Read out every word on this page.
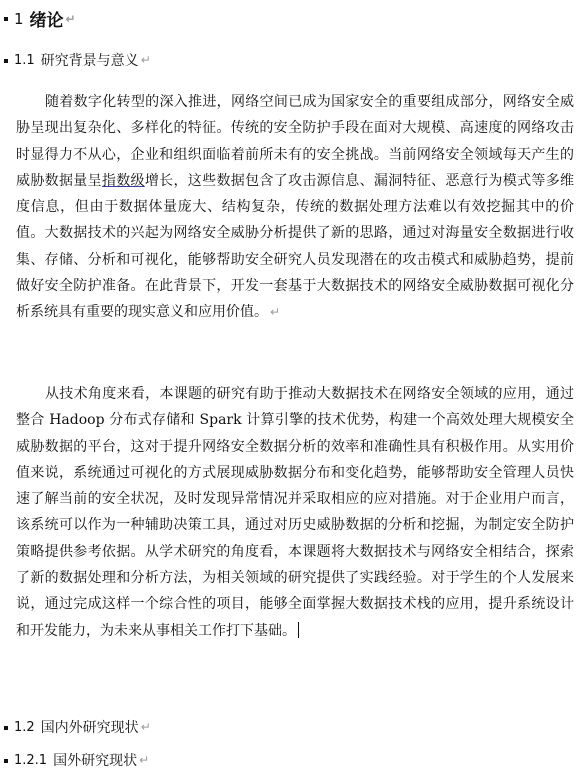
1 绪论 ↵
1.1 研究背景与意义 ↵

随着数字化转型的深入推进，网络空间已成为国家安全的重要组成部分，网络安全威胁呈现出复杂化、多样化的特征。传统的安全防护手段在面对大规模、高速度的网络攻击时显得力不从心，企业和组织面临着前所未有的安全挑战。当前网络安全领域每天产生的威胁数据量呈指数级增长，这些数据包含了攻击源信息、漏洞特征、恶意行为模式等多维度信息，但由于数据体量庞大、结构复杂，传统的数据处理方法难以有效挖掘其中的价值。大数据技术的兴起为网络安全威胁分析提供了新的思路，通过对海量安全数据进行收集、存储、分析和可视化，能够帮助安全研究人员发现潜在的攻击模式和威胁趋势，提前做好安全防护准备。在此背景下，开发一套基于大数据技术的网络安全威胁数据可视化分析系统具有重要的现实意义和应用价值。 ↵

从技术角度来看，本课题的研究有助于推动大数据技术在网络安全领域的应用，通过整合 Hadoop 分布式存储和 Spark 计算引擎的技术优势，构建一个高效处理大规模安全威胁数据的平台，这对于提升网络安全数据分析的效率和准确性具有积极作用。从实用价值来说，系统通过可视化的方式展现威胁数据分布和变化趋势，能够帮助安全管理人员快速了解当前的安全状况，及时发现异常情况并采取相应的应对措施。对于企业用户而言，该系统可以作为一种辅助决策工具，通过对历史威胁数据的分析和挖掘，为制定安全防护策略提供参考依据。从学术研究的角度看，本课题将大数据技术与网络安全相结合，探索了新的数据处理和分析方法，为相关领域的研究提供了实践经验。对于学生的个人发展来说，通过完成这样一个综合性的项目，能够全面掌握大数据技术栈的应用，提升系统设计和开发能力，为未来从事相关工作打下基础。

1.2 国内外研究现状 ↵
1.2.1 国外研究现状 ↵
